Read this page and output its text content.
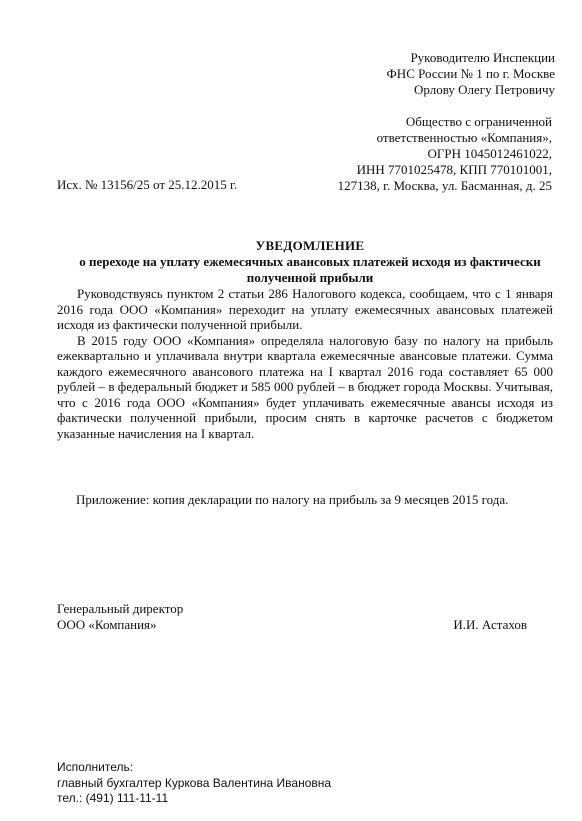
Руководителю Инспекции
ФНС России № 1 по г. Москве
Орлову Олегу Петровичу
Общество с ограниченной
ответственностью «Компания»,
ОГРН 1045012461022,
ИНН 7701025478, КПП 770101001,
127138, г. Москва, ул. Басманная, д. 25
Исх. № 13156/25 от 25.12.2015 г.
УВЕДОМЛЕНИЕ
о переходе на уплату ежемесячных авансовых платежей исходя из фактически полученной прибыли

Руководствуясь пунктом 2 статьи 286 Налогового кодекса, сообщаем, что с 1 января 2016 года ООО «Компания» переходит на уплату ежемесячных авансовых платежей исходя из фактически полученной прибыли.

В 2015 году ООО «Компания» определяла налоговую базу по налогу на прибыль ежеквартально и уплачивала внутри квартала ежемесячные авансовые платежи. Сумма каждого ежемесячного авансового платежа на I квартал 2016 года составляет 65 000 рублей – в федеральный бюджет и 585 000 рублей – в бюджет города Москвы. Учитывая, что с 2016 года ООО «Компания» будет уплачивать ежемесячные авансы исходя из фактически полученной прибыли, просим снять в карточке расчетов с бюджетом указанные начисления на I квартал.

Приложение: копия декларации по налогу на прибыль за 9 месяцев 2015 года.
Генеральный директор
ООО «Компания»	И.И. Астахов
Исполнитель:
главный бухгалтер Куркова Валентина Ивановна
тел.: (491) 111-11-11
